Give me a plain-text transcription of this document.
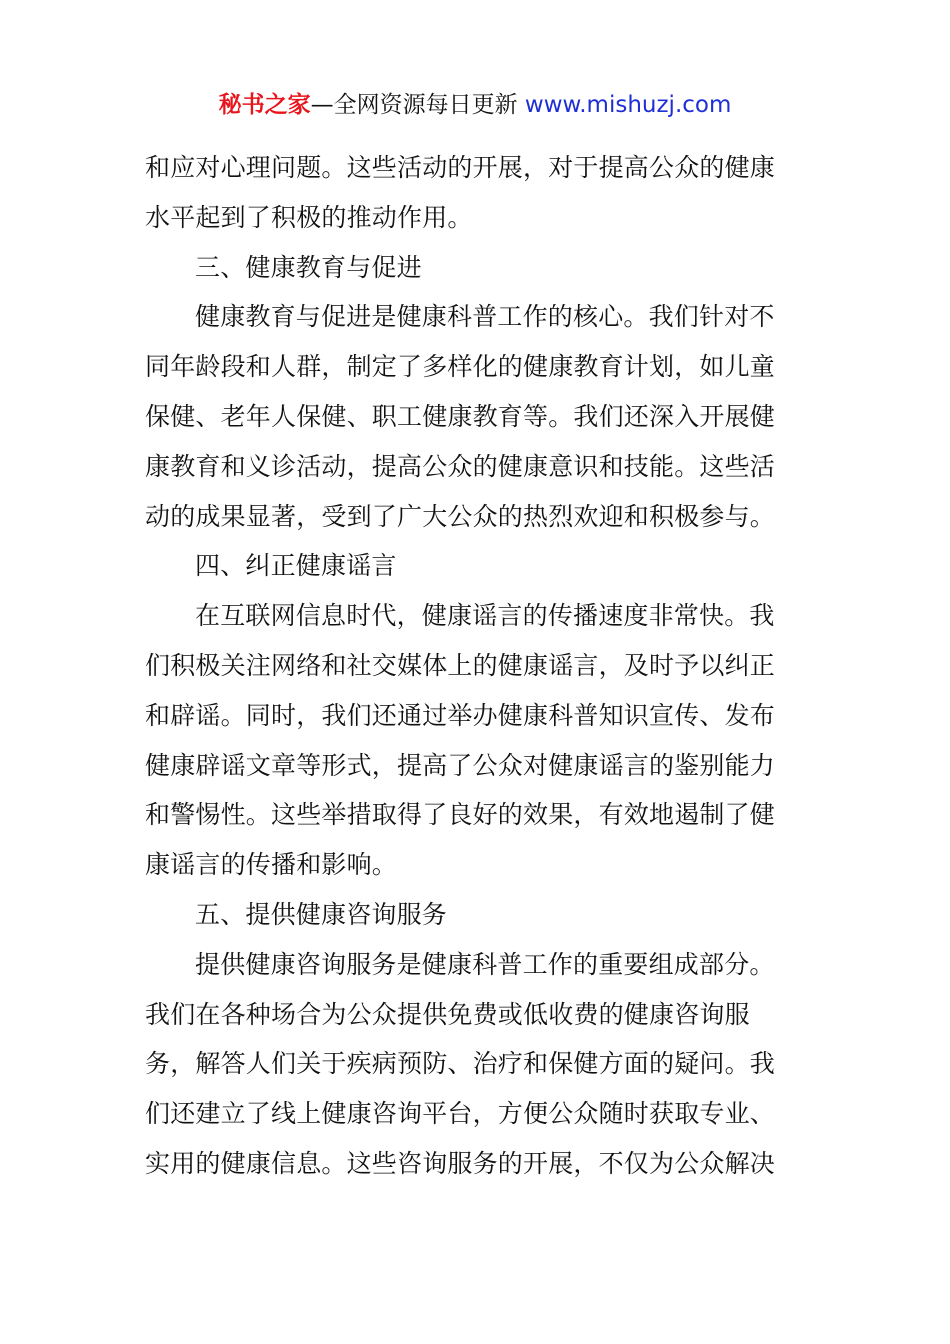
秘书之家—全网资源每日更新 www.mishuzj.com
和应对心理问题。这些活动的开展，对于提高公众的健康
水平起到了积极的推动作用。
三、健康教育与促进
健康教育与促进是健康科普工作的核心。我们针对不
同年龄段和人群，制定了多样化的健康教育计划，如儿童
保健、老年人保健、职工健康教育等。我们还深入开展健
康教育和义诊活动，提高公众的健康意识和技能。这些活
动的成果显著，受到了广大公众的热烈欢迎和积极参与。
四、纠正健康谣言
在互联网信息时代，健康谣言的传播速度非常快。我
们积极关注网络和社交媒体上的健康谣言，及时予以纠正
和辟谣。同时，我们还通过举办健康科普知识宣传、发布
健康辟谣文章等形式，提高了公众对健康谣言的鉴别能力
和警惕性。这些举措取得了良好的效果，有效地遏制了健
康谣言的传播和影响。
五、提供健康咨询服务
提供健康咨询服务是健康科普工作的重要组成部分。
我们在各种场合为公众提供免费或低收费的健康咨询服
务，解答人们关于疾病预防、治疗和保健方面的疑问。我
们还建立了线上健康咨询平台，方便公众随时获取专业、
实用的健康信息。这些咨询服务的开展，不仅为公众解决
